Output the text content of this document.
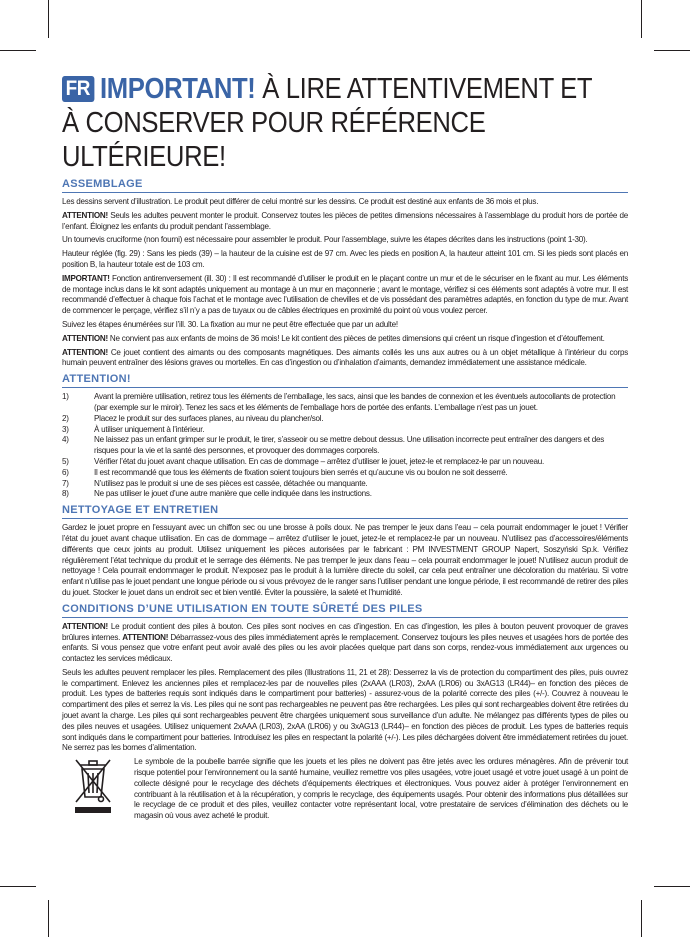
FR IMPORTANT! À LIRE ATTENTIVEMENT ET
À CONSERVER POUR RÉFÉRENCE ULTÉRIEURE!
ASSEMBLAGE

Les dessins servent d’illustration. Le produit peut différer de celui montré sur les dessins. Ce produit est destiné aux enfants de 36 mois et plus.

ATTENTION! Seuls les adultes peuvent monter le produit. Conservez toutes les pièces de petites dimensions nécessaires à l’assemblage du produit hors de portée de l’enfant. Éloignez les enfants du produit pendant l’assemblage.

Un tournevis cruciforme (non fourni) est nécessaire pour assembler le produit. Pour l’assemblage, suivre les étapes décrites dans les instructions (point 1-30).

Hauteur réglée (fig. 29) : Sans les pieds (39) – la hauteur de la cuisine est de 97 cm. Avec les pieds en position A, la hauteur atteint 101 cm. Si les pieds sont placés en position B, la hauteur totale est de 103 cm.

IMPORTANT! Fonction antirenversement (ill. 30) : Il est recommandé d’utiliser le produit en le plaçant contre un mur et de le sécuriser en le fixant au mur. Les éléments de montage inclus dans le kit sont adaptés uniquement au montage à un mur en maçonnerie ; avant le montage, vérifiez si ces éléments sont adaptés à votre mur. Il est recommandé d’effectuer à chaque fois l’achat et le montage avec l’utilisation de chevilles et de vis possédant des paramètres adaptés, en fonction du type de mur. Avant de commencer le perçage, vérifiez s’il n’y a pas de tuyaux ou de câbles électriques en proximité du point où vous voulez percer.

Suivez les étapes énumérées sur l’ill. 30. La fixation au mur ne peut être effectuée que par un adulte!

ATTENTION! Ne convient pas aux enfants de moins de 36 mois! Le kit contient des pièces de petites dimensions qui créent un risque d’ingestion et d’étouffement.

ATTENTION! Ce jouet contient des aimants ou des composants magnétiques. Des aimants collés les uns aux autres ou à un objet métallique à l’intérieur du corps humain peuvent entraîner des lésions graves ou mortelles. En cas d’ingestion ou d’inhalation d’aimants, demandez immédiatement une assistance médicale.

ATTENTION!
1)	Avant la première utilisation, retirez tous les éléments de l’emballage, les sacs, ainsi que les bandes de connexion et les éventuels autocollants de protection (par exemple sur le miroir). Tenez les sacs et les éléments de l’emballage hors de portée des enfants. L’emballage n’est pas un jouet.
2)	Placez le produit sur des surfaces planes, au niveau du plancher/sol.
3)	À utiliser uniquement à l’intérieur.
4)	Ne laissez pas un enfant grimper sur le produit, le tirer, s’asseoir ou se mettre debout dessus. Une utilisation incorrecte peut entraîner des dangers et des risques pour la vie et la santé des personnes, et provoquer des dommages corporels.
5)	Vérifier l’état du jouet avant chaque utilisation. En cas de dommage – arrêtez d’utiliser le jouet, jetez-le et remplacez-le par un nouveau.
6)	Il est recommandé que tous les éléments de fixation soient toujours bien serrés et qu’aucune vis ou boulon ne soit desserré.
7)	N’utilisez pas le produit si une de ses pièces est cassée, détachée ou manquante.
8)	Ne pas utiliser le jouet d’une autre manière que celle indiquée dans les instructions.
NETTOYAGE ET ENTRETIEN

Gardez le jouet propre en l’essuyant avec un chiffon sec ou une brosse à poils doux. Ne pas tremper le jeux dans l’eau – cela pourrait endommager le jouet ! Vérifier l’état du jouet avant chaque utilisation. En cas de dommage – arrêtez d’utiliser le jouet, jetez-le et remplacez-le par un nouveau. N’utilisez pas d’accessoires/éléments différents que ceux joints au produit. Utilisez uniquement les pièces autorisées par le fabricant : PM INVESTMENT GROUP Napert, Soszyński Sp.k. Vérifiez régulièrement l’état technique du produit et le serrage des éléments. Ne pas tremper le jeux dans l’eau – cela pourrait endommager le jouet! N’utilisez aucun produit de nettoyage ! Cela pourrait endommager le produit. N’exposez pas le produit à la lumière directe du soleil, car cela peut entraîner une décoloration du matériau. Si votre enfant n’utilise pas le jouet pendant une longue période ou si vous prévoyez de le ranger sans l’utiliser pendant une longue période, il est recommandé de retirer des piles du jouet. Stocker le jouet dans un endroit sec et bien ventilé. Éviter la poussière, la saleté et l’humidité.

CONDITIONS D’UNE UTILISATION EN TOUTE SÛRETÉ DES PILES

ATTENTION! Le produit contient des piles à bouton. Ces piles sont nocives en cas d’ingestion. En cas d’ingestion, les piles à bouton peuvent provoquer de graves brûlures internes. ATTENTION! Débarrassez-vous des piles immédiatement après le remplacement. Conservez toujours les piles neuves et usagées hors de portée des enfants. Si vous pensez que votre enfant peut avoir avalé des piles ou les avoir placées quelque part dans son corps, rendez-vous immédiatement aux urgences ou contactez les services médicaux.

Seuls les adultes peuvent remplacer les piles. Remplacement des piles (Illustrations 11, 21 et 28): Desserrez la vis de protection du compartiment des piles, puis ouvrez le compartiment. Enlevez les anciennes piles et remplacez-les par de nouvelles piles (2xAAA (LR03), 2xAA (LR06) ou 3xAG13 (LR44)– en fonction des pièces de produit. Les types de batteries requis sont indiqués dans le compartiment pour batteries) - assurez-vous de la polarité correcte des piles (+/-). Couvrez à nouveau le compartiment des piles et serrez la vis. Les piles qui ne sont pas rechargeables ne peuvent pas être rechargées. Les piles qui sont rechargeables doivent être retirées du jouet avant la charge. Les piles qui sont rechargeables peuvent être chargées uniquement sous surveillance d’un adulte. Ne mélangez pas différents types de piles ou des piles neuves et usagées. Utilisez uniquement 2xAAA (LR03), 2xAA (LR06) y ou 3xAG13 (LR44)– en fonction des pièces de produit. Les types de batteries requis sont indiqués dans le compartiment pour batteries. Introduisez les piles en respectant la polarité (+/-). Les piles déchargées doivent être immédiatement retirées du jouet. Ne serrez pas les bornes d’alimentation.

Le symbole de la poubelle barrée signifie que les jouets et les piles ne doivent pas être jetés avec les ordures ménagères. Afin de prévenir tout risque potentiel pour l’environnement ou la santé humaine, veuillez remettre vos piles usagées, votre jouet usagé et votre jouet usagé à un point de collecte désigné pour le recyclage des déchets d’équipements électriques et électroniques. Vous pouvez aider à protéger l’environnement en contribuant à la réutilisation et à la récupération, y compris le recyclage, des équipements usagés. Pour obtenir des informations plus détaillées sur le recyclage de ce produit et des piles, veuillez contacter votre représentant local, votre prestataire de services d’élimination des déchets ou le magasin où vous avez acheté le produit.
